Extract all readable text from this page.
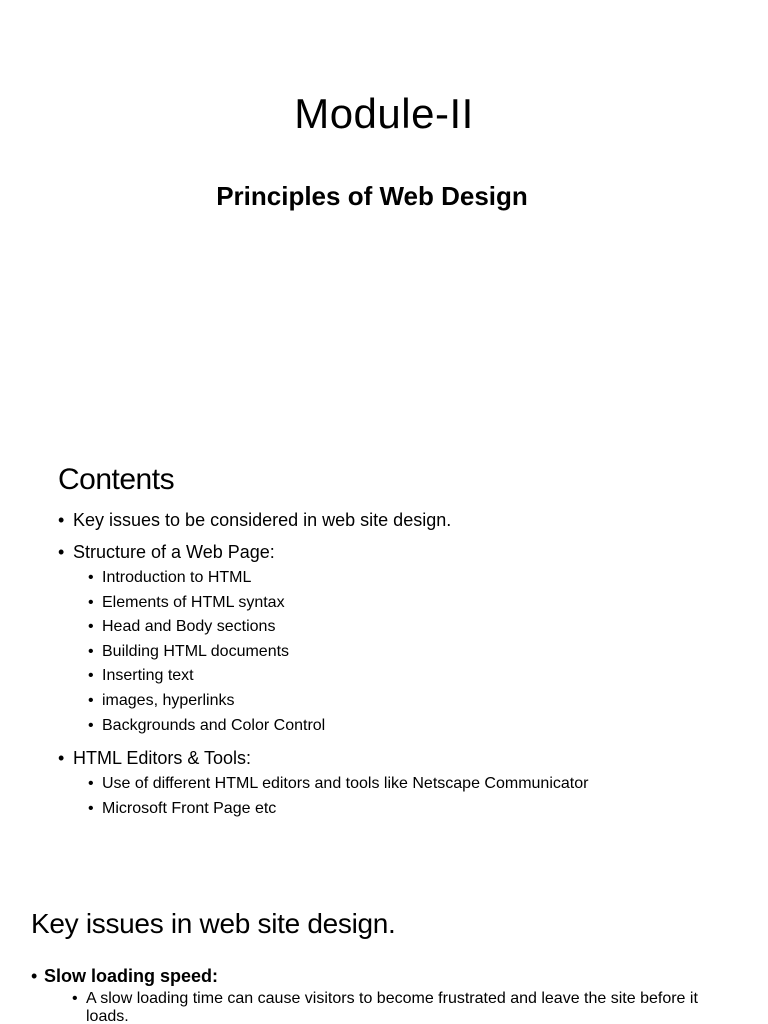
Module-II
Principles of Web Design
Contents
• Key issues to be considered in web site design.
• Structure of a Web Page:
• Introduction to HTML
• Elements of HTML syntax
• Head and Body sections
• Building HTML documents
• Inserting text
• images, hyperlinks
• Backgrounds and Color Control
• HTML Editors & Tools:
• Use of different HTML editors and tools like Netscape Communicator
• Microsoft Front Page etc
Key issues in web site design.
• Slow loading speed:
• A slow loading time can cause visitors to become frustrated and leave the site before it loads.
